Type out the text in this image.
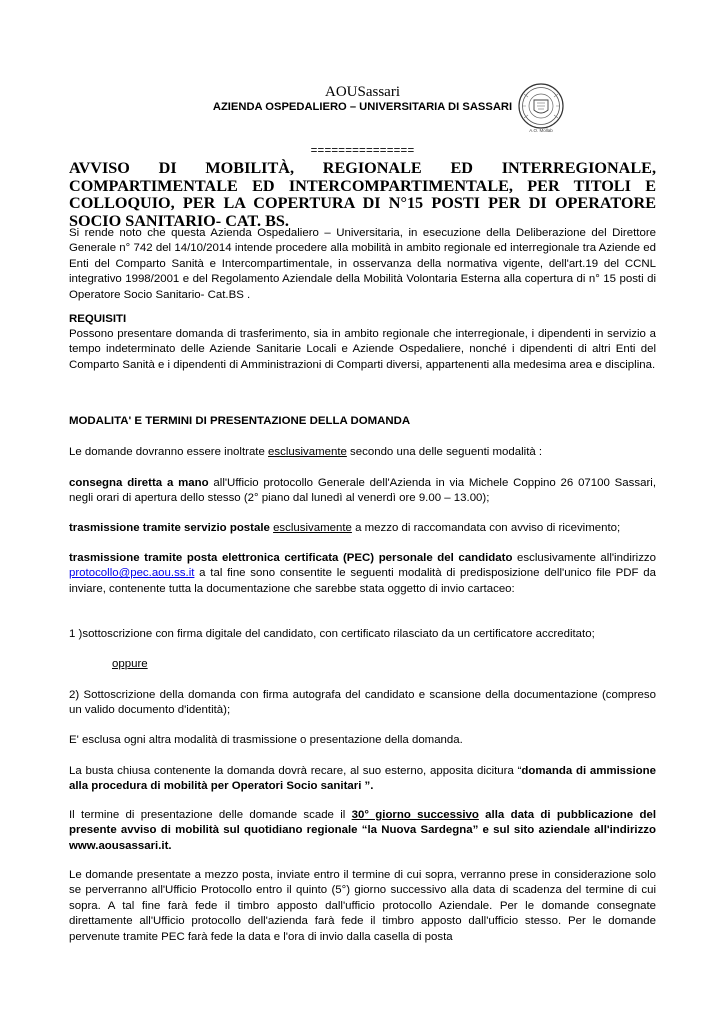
AOUSassari
AZIENDA OSPEDALIERO – UNIVERSITARIA DI SASSARI
A.O. Mollab
===============
AVVISO DI MOBILITÀ, REGIONALE ED INTERREGIONALE, COMPARTIMENTALE ED INTERCOMPARTIMENTALE, PER TITOLI E COLLOQUIO, PER LA COPERTURA DI N°15 POSTI PER DI OPERATORE SOCIO SANITARIO- CAT. BS.
Si rende noto che questa Azienda Ospedaliero – Universitaria, in esecuzione della Deliberazione del Direttore Generale n° 742 del 14/10/2014 intende procedere alla mobilità in ambito regionale ed interregionale tra Aziende ed Enti del Comparto Sanità e Intercompartimentale, in osservanza della normativa vigente, dell'art.19 del CCNL integrativo 1998/2001 e del Regolamento Aziendale della Mobilità Volontaria Esterna alla copertura di n° 15 posti di Operatore Socio Sanitario- Cat.BS .
REQUISITI
Possono presentare domanda di trasferimento, sia in ambito regionale che interregionale, i dipendenti in servizio a tempo indeterminato delle Aziende Sanitarie Locali e Aziende Ospedaliere, nonché i dipendenti di altri Enti del Comparto Sanità e i dipendenti di Amministrazioni di Comparti diversi, appartenenti alla medesima area e disciplina.
MODALITA' E TERMINI DI PRESENTAZIONE DELLA DOMANDA
Le domande dovranno essere inoltrate esclusivamente secondo una delle seguenti modalità :
consegna diretta a mano all'Ufficio protocollo Generale dell'Azienda in via Michele Coppino 26 07100 Sassari, negli orari di apertura dello stesso (2° piano dal lunedì al venerdì ore 9.00 – 13.00);
trasmissione tramite servizio postale esclusivamente a mezzo di raccomandata con avviso di ricevimento;
trasmissione tramite posta elettronica certificata (PEC) personale del candidato esclusivamente all'indirizzo protocollo@pec.aou.ss.it a tal fine sono consentite le seguenti modalità di predisposizione dell'unico file PDF da inviare, contenente tutta la documentazione che sarebbe stata oggetto di invio cartaceo:
1 )sottoscrizione con firma digitale del candidato, con certificato rilasciato da un certificatore accreditato;
oppure
2) Sottoscrizione della domanda con firma autografa del candidato e scansione della documentazione (compreso un valido documento d'identità);
E' esclusa ogni altra modalità di trasmissione o presentazione della domanda.
La busta chiusa contenente la domanda dovrà recare, al suo esterno, apposita dicitura “domanda di ammissione alla procedura di mobilità per Operatori Socio sanitari ”.
Il termine di presentazione delle domande scade il 30° giorno successivo alla data di pubblicazione del presente avviso di mobilità sul quotidiano regionale “la Nuova Sardegna” e sul sito aziendale all'indirizzo www.aousassari.it.
Le domande presentate a mezzo posta, inviate entro il termine di cui sopra, verranno prese in considerazione solo se perverranno all'Ufficio Protocollo entro il quinto (5°) giorno successivo alla data di scadenza del termine di cui sopra. A tal fine farà fede il timbro apposto dall'ufficio protocollo Aziendale. Per le domande consegnate direttamente all'Ufficio protocollo dell'azienda farà fede il timbro apposto dall'ufficio stesso. Per le domande pervenute tramite PEC farà fede la data e l'ora di invio dalla casella di posta
